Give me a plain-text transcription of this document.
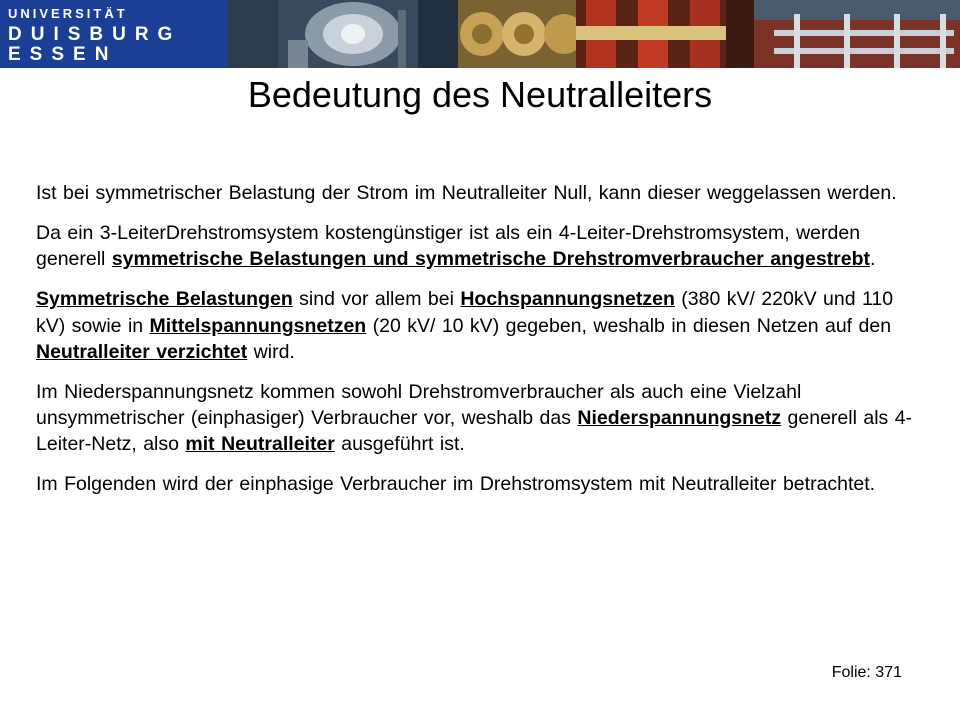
UNIVERSITÄT
DUISBURG
ESSEN
Bedeutung des Neutralleiters

Ist bei symmetrischer Belastung der Strom im Neutralleiter Null, kann dieser weggelassen werden.

Da ein 3-LeiterDrehstromsystem kostengünstiger ist als ein 4-Leiter-Drehstromsystem, werden generell symmetrische Belastungen und symmetrische Drehstromverbraucher angestrebt.

Symmetrische Belastungen sind vor allem bei Hochspannungsnetzen (380 kV/ 220kV und 110 kV) sowie in Mittelspannungsnetzen (20 kV/ 10 kV) gegeben, weshalb in diesen Netzen auf den Neutralleiter verzichtet wird.

Im Niederspannungsnetz kommen sowohl Drehstromverbraucher als auch eine Vielzahl unsymmetrischer (einphasiger) Verbraucher vor, weshalb das Niederspannungsnetz generell als 4-Leiter-Netz, also mit Neutralleiter ausgeführt ist.

Im Folgenden wird der einphasige Verbraucher im Drehstromsystem mit Neutralleiter betrachtet.

Folie: 371
